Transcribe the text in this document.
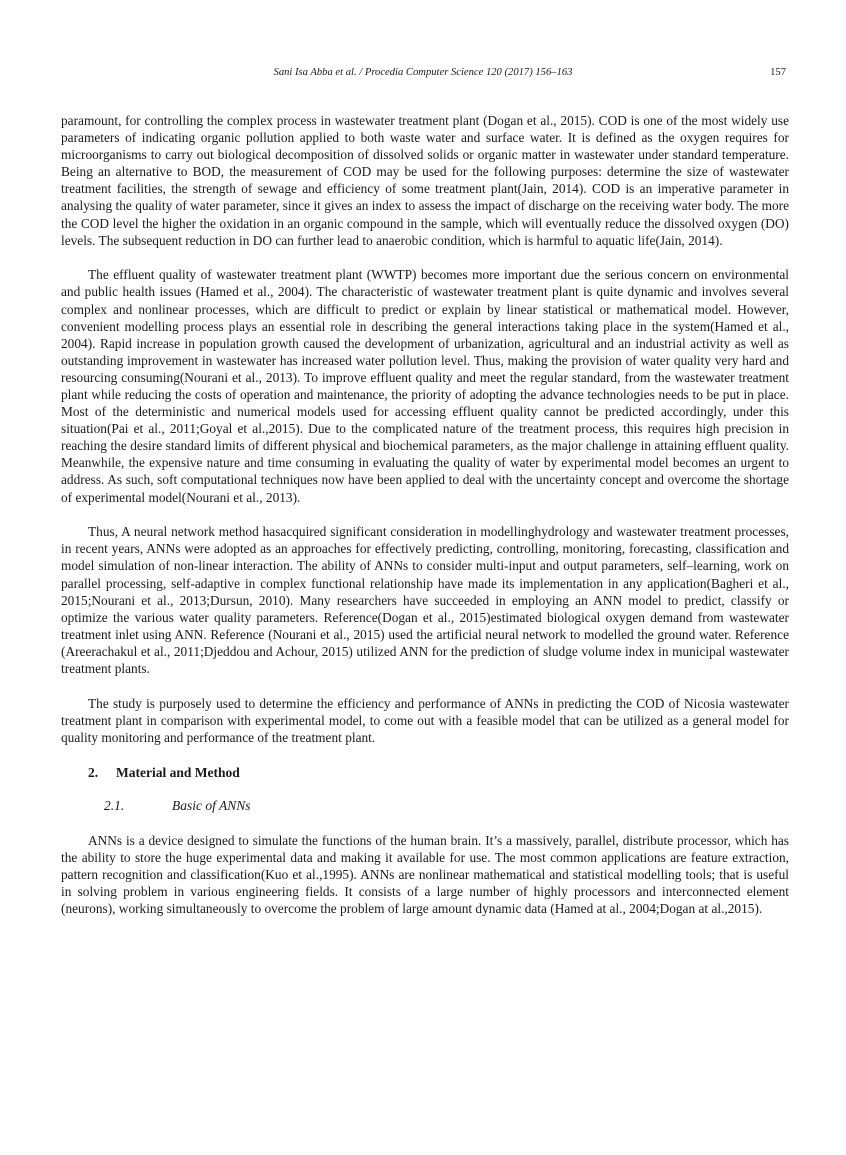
Sani Isa Abba et al. / Procedia Computer Science 120 (2017) 156–163	157

paramount, for controlling the complex process in wastewater treatment plant (Dogan et al., 2015). COD is one of the most widely use parameters of indicating organic pollution applied to both waste water and surface water. It is defined as the oxygen requires for microorganisms to carry out biological decomposition of dissolved solids or organic matter in wastewater under standard temperature. Being an alternative to BOD, the measurement of COD may be used for the following purposes: determine the size of wastewater treatment facilities, the strength of sewage and efficiency of some treatment plant(Jain, 2014). COD is an imperative parameter in analysing the quality of water parameter, since it gives an index to assess the impact of discharge on the receiving water body. The more the COD level the higher the oxidation in an organic compound in the sample, which will eventually reduce the dissolved oxygen (DO) levels. The subsequent reduction in DO can further lead to anaerobic condition, which is harmful to aquatic life(Jain, 2014).

The effluent quality of wastewater treatment plant (WWTP) becomes more important due the serious concern on environmental and public health issues (Hamed et al., 2004). The characteristic of wastewater treatment plant is quite dynamic and involves several complex and nonlinear processes, which are difficult to predict or explain by linear statistical or mathematical model. However, convenient modelling process plays an essential role in describing the general interactions taking place in the system(Hamed et al., 2004). Rapid increase in population growth caused the development of urbanization, agricultural and an industrial activity as well as outstanding improvement in wastewater has increased water pollution level. Thus, making the provision of water quality very hard and resourcing consuming(Nourani et al., 2013). To improve effluent quality and meet the regular standard, from the wastewater treatment plant while reducing the costs of operation and maintenance, the priority of adopting the advance technologies needs to be put in place. Most of the deterministic and numerical models used for accessing effluent quality cannot be predicted accordingly, under this situation(Pai et al., 2011;Goyal et al.,2015). Due to the complicated nature of the treatment process, this requires high precision in reaching the desire standard limits of different physical and biochemical parameters, as the major challenge in attaining effluent quality. Meanwhile, the expensive nature and time consuming in evaluating the quality of water by experimental model becomes an urgent to address. As such, soft computational techniques now have been applied to deal with the uncertainty concept and overcome the shortage of experimental model(Nourani et al., 2013).

Thus, A neural network method hasacquired significant consideration in modellinghydrology and wastewater treatment processes, in recent years, ANNs were adopted as an approaches for effectively predicting, controlling, monitoring, forecasting, classification and model simulation of non-linear interaction. The ability of ANNs to consider multi-input and output parameters, self–learning, work on parallel processing, self-adaptive in complex functional relationship have made its implementation in any application(Bagheri et al., 2015;Nourani et al., 2013;Dursun, 2010). Many researchers have succeeded in employing an ANN model to predict, classify or optimize the various water quality parameters. Reference(Dogan et al., 2015)estimated biological oxygen demand from wastewater treatment inlet using ANN. Reference (Nourani et al., 2015) used the artificial neural network to modelled the ground water. Reference (Areerachakul et al., 2011;Djeddou and Achour, 2015) utilized ANN for the prediction of sludge volume index in municipal wastewater treatment plants.

The study is purposely used to determine the efficiency and performance of ANNs in predicting the COD of Nicosia wastewater treatment plant in comparison with experimental model, to come out with a feasible model that can be utilized as a general model for quality monitoring and performance of the treatment plant.

2. Material and Method
2.1.	Basic of ANNs

ANNs is a device designed to simulate the functions of the human brain. It’s a massively, parallel, distribute processor, which has the ability to store the huge experimental data and making it available for use. The most common applications are feature extraction, pattern recognition and classification(Kuo et al.,1995). ANNs are nonlinear mathematical and statistical modelling tools; that is useful in solving problem in various engineering fields. It consists of a large number of highly processors and interconnected element (neurons), working simultaneously to overcome the problem of large amount dynamic data (Hamed at al., 2004;Dogan at al.,2015).
